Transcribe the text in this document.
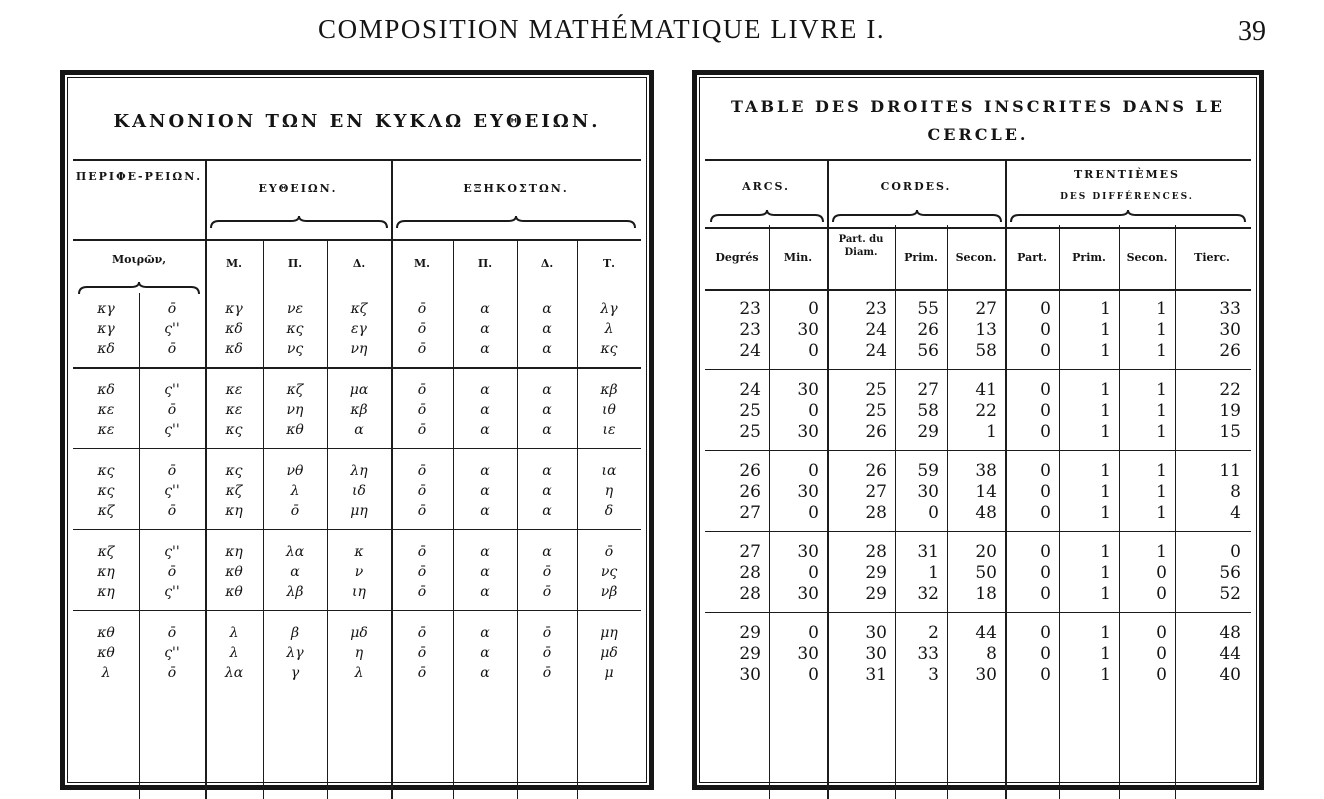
COMPOSITION MATHÉMATIQUE LIVRE I.	39
ΚΑΝΟΝΙΟΝ ΤΩΝ ΕΝ ΚΥΚΛΩ ΕΥΘΕΙΩΝ.
ΠΕΡΙΦΕ-ΡΕΙΩΝ.
ΕΥΘΕΙΩΝ.	ΕΞΗΚΟΣΤΩΝ.
Μοιρῶν,	Μ.	Π.	Δ.	Μ.	Π.	Δ.	Τ.
κγ	ō	κγ	νε	κζ	ō	α	α	λγ
κγ	ς''	κδ	κς	εγ	ō	α	α	λ
κδ	ō	κδ	νς	νη	ō	α	α	κς
κδ	ς''	κε	κζ	μα	ō	α	α	κβ
κε	ō	κε	νη	κβ	ō	α	α	ιθ
κε	ς''	κς	κθ	α	ō	α	α	ιε
κς	ō	κς	νθ	λη	ō	α	α	ια
κς	ς''	κζ	λ	ιδ	ō	α	α	η
κζ	ō	κη	ō	μη	ō	α	α	δ
κζ	ς''	κη	λα	κ	ō	α	α	ō
κη	ō	κθ	α	ν	ō	α	ō	νς
κη	ς''	κθ	λβ	ιη	ō	α	ō	νβ
κθ	ō	λ	β	μδ	ō	α	ō	μη
κθ	ς''	λ	λγ	η	ō	α	ō	μδ
λ	ō	λα	γ	λ	ō	α	ō	μ
TABLE DES DROITES INSCRITES DANS LE CERCLE.
ARCS.	CORDES.
TRENTIÈMES
DES DIFFÉRENCES.
Degrés	Min.
Part. du Diam.	Prim.	Secon.	Part.	Prim.	Secon.	Tierc.
23	0	23	55	27	0	1	1	33
23	30	24	26	13	0	1	1	30
24	0	24	56	58	0	1	1	26
24	30	25	27	41	0	1	1	22
25	0	25	58	22	0	1	1	19
25	30	26	29	1	0	1	1	15
26	0	26	59	38	0	1	1	11
26	30	27	30	14	0	1	1	8
27	0	28	0	48	0	1	1	4
27	30	28	31	20	0	1	1	0
28	0	29	1	50	0	1	0	56
28	30	29	32	18	0	1	0	52
29	0	30	2	44	0	1	0	48
29	30	30	33	8	0	1	0	44
30	0	31	3	30	0	1	0	40
